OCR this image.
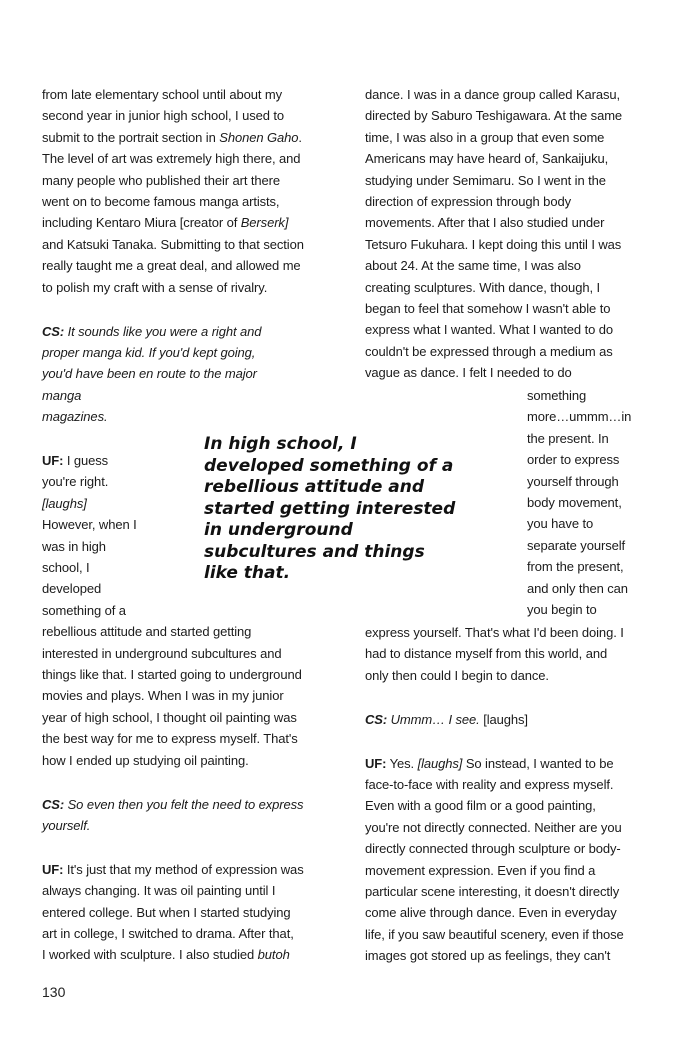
from late elementary school until about my
second year in junior high school, I used to
submit to the portrait section in Shonen Gaho.
The level of art was extremely high there, and
many people who published their art there
went on to become famous manga artists,
including Kentaro Miura [creator of Berserk]
and Katsuki Tanaka. Submitting to that section
really taught me a great deal, and allowed me
to polish my craft with a sense of rivalry.
CS: It sounds like you were a right and
proper manga kid. If you'd kept going,
you'd have been en route to the major
manga
magazines.
UF: I guess
you're right.
[laughs]
However, when I
was in high
school, I
developed
something of a
rebellious attitude and started getting
interested in underground subcultures and
things like that. I started going to underground
movies and plays. When I was in my junior
year of high school, I thought oil painting was
the best way for me to express myself. That's
how I ended up studying oil painting.
CS: So even then you felt the need to express
yourself.
UF: It's just that my method of expression was
always changing. It was oil painting until I
entered college. But when I started studying
art in college, I switched to drama. After that,
I worked with sculpture. I also studied butoh
dance. I was in a dance group called Karasu,
directed by Saburo Teshigawara. At the same
time, I was also in a group that even some
Americans may have heard of, Sankaijuku,
studying under Semimaru. So I went in the
direction of expression through body
movements. After that I also studied under
Tetsuro Fukuhara. I kept doing this until I was
about 24. At the same time, I was also
creating sculptures. With dance, though, I
began to feel that somehow I wasn't able to
express what I wanted. What I wanted to do
couldn't be expressed through a medium as
vague as dance. I felt I needed to do
something
more…ummm…in
the present. In
order to express
yourself through
body movement,
you have to
separate yourself
from the present,
and only then can
you begin to
express yourself. That's what I'd been doing. I
had to distance myself from this world, and
only then could I begin to dance.
CS: Ummm… I see. [laughs]
UF: Yes. [laughs] So instead, I wanted to be
face-to-face with reality and express myself.
Even with a good film or a good painting,
you're not directly connected. Neither are you
directly connected through sculpture or body-
movement expression. Even if you find a
particular scene interesting, it doesn't directly
come alive through dance. Even in everyday
life, if you saw beautiful scenery, even if those
images got stored up as feelings, they can't
In high school, I
developed something of a
rebellious attitude and
started getting interested
in underground
subcultures and things
like that.
130
